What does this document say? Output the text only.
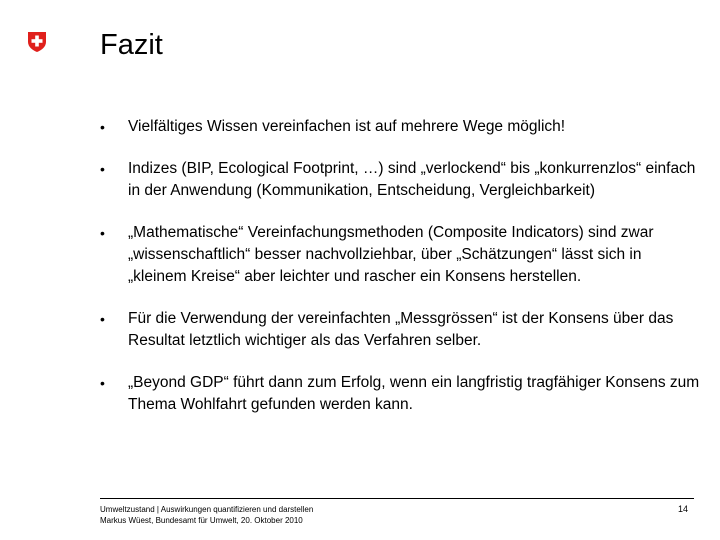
Fazit
• Vielfältiges Wissen vereinfachen ist auf mehrere Wege möglich!
• Indizes (BIP, Ecological Footprint, …) sind „verlockend“ bis „konkurrenzlos“ einfach in der Anwendung (Kommunikation, Entscheidung, Vergleichbarkeit)
• „Mathematische“ Vereinfachungsmethoden (Composite Indicators) sind zwar „wissenschaftlich“ besser nachvollziehbar, über „Schätzungen“ lässt sich in „kleinem Kreise“ aber leichter und rascher ein Konsens herstellen.
• Für die Verwendung der vereinfachten „Messgrössen“ ist der Konsens über das Resultat letztlich wichtiger als das Verfahren selber.
• „Beyond GDP“ führt dann zum Erfolg, wenn ein langfristig tragfähiger Konsens zum Thema Wohlfahrt gefunden werden kann.
Umweltzustand | Auswirkungen quantifizieren und darstellen
Markus Wüest, Bundesamt für Umwelt, 20. Oktober 2010
14
